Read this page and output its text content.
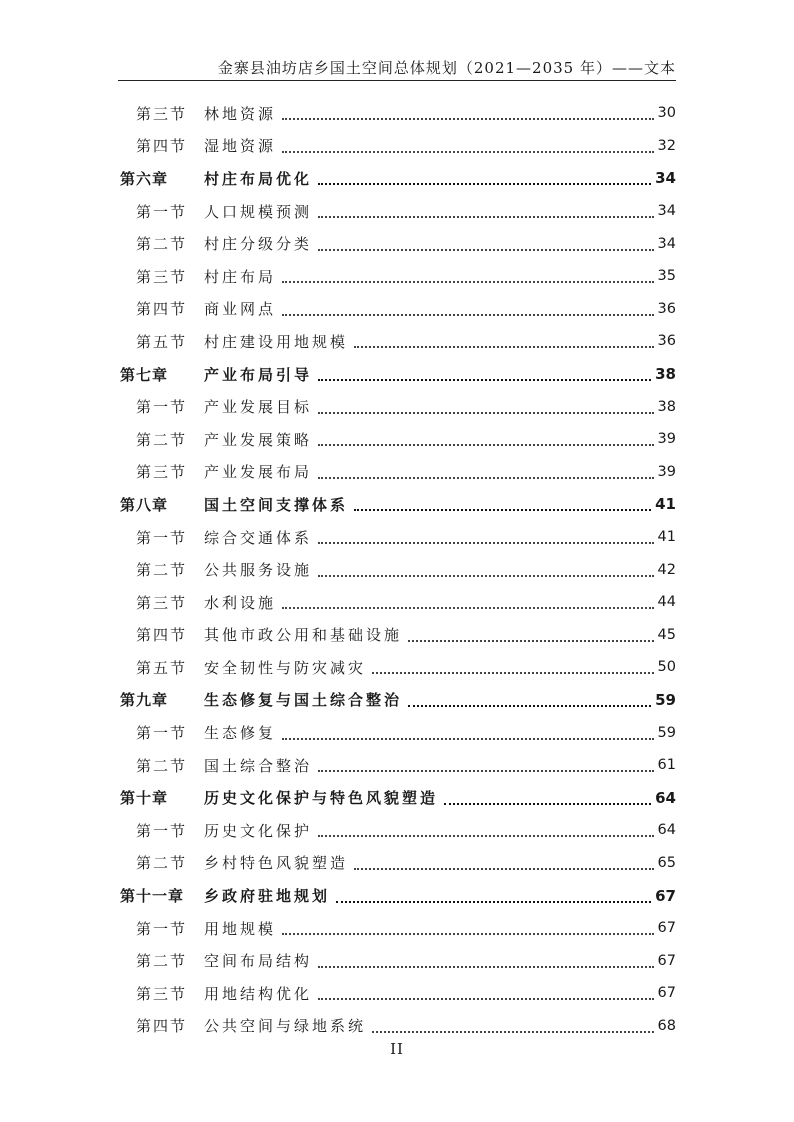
金寨县油坊店乡国土空间总体规划（2021—2035 年）——文本
第三节	林地资源	30
第四节	湿地资源	32
第六章	村庄布局优化	34
第一节	人口规模预测	34
第二节	村庄分级分类	34
第三节	村庄布局	35
第四节	商业网点	36
第五节	村庄建设用地规模	36
第七章	产业布局引导	38
第一节	产业发展目标	38
第二节	产业发展策略	39
第三节	产业发展布局	39
第八章	国土空间支撑体系	41
第一节	综合交通体系	41
第二节	公共服务设施	42
第三节	水利设施	44
第四节	其他市政公用和基础设施	45
第五节	安全韧性与防灾减灾	50
第九章	生态修复与国土综合整治	59
第一节	生态修复	59
第二节	国土综合整治	61
第十章	历史文化保护与特色风貌塑造	64
第一节	历史文化保护	64
第二节	乡村特色风貌塑造	65
第十一章	乡政府驻地规划	67
第一节	用地规模	67
第二节	空间布局结构	67
第三节	用地结构优化	67
第四节	公共空间与绿地系统	68
II
